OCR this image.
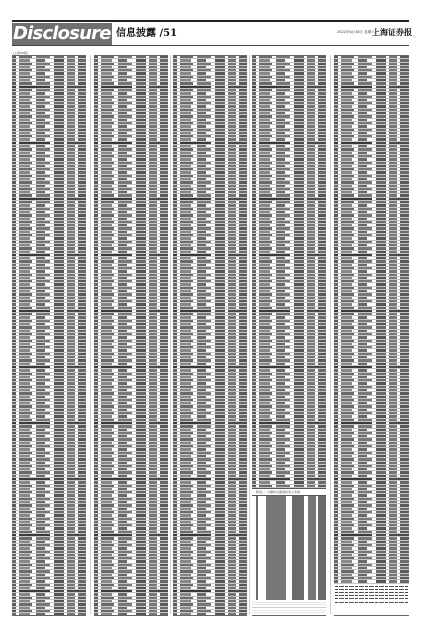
Disclosure 信息披露 /51	2022年6月18日 星期六
上海证券报
(上接50版)
附表二: 大额持仓基金持有人名单
